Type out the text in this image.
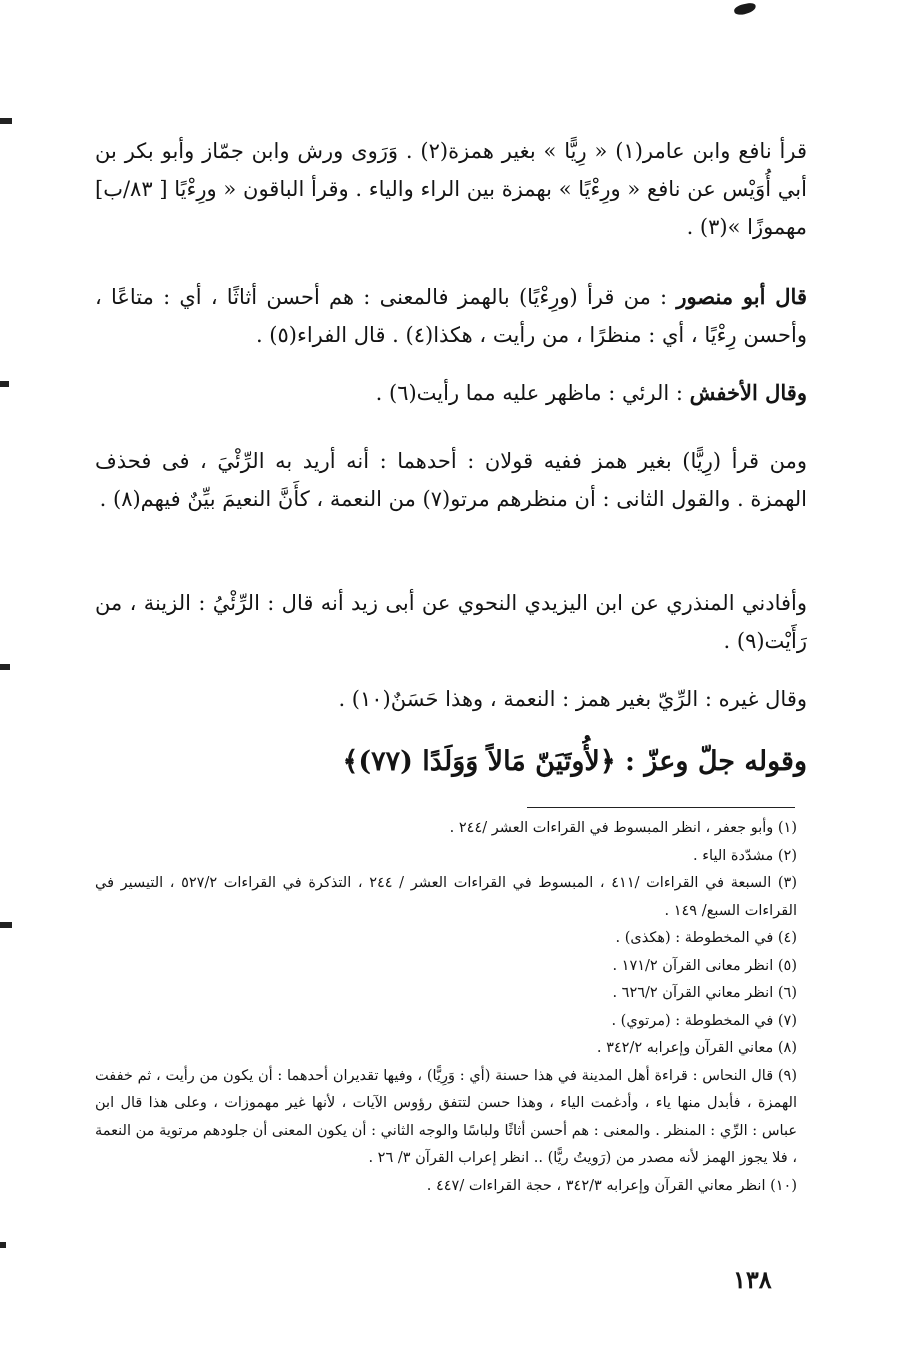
قرأ نافع وابن عامر(١) « رِيًّا » بغير همزة(٢) . وَرَوى ورش وابن جمّاز وأبو بكر بن أبي أُوَيْس عن نافع « ورِءْيًا » بهمزة بين الراء والياء . وقرأ الباقون « ورِءْيًا [ ٨٣/ب] مهموزًا »(٣) .

قال أبو منصور : من قرأ (ورِءْيًا) بالهمز فالمعنى : هم أحسن أثاثًا ، أي : متاعًا ، وأحسن رِءْيًا ، أي : منظرًا ، من رأيت ، هكذا(٤) . قال الفراء(٥) .

وقال الأخفش : الرئي : ماظهر عليه مما رأيت(٦) .

ومن قرأ (رِيًّا) بغير همز ففيه قولان : أحدهما : أنه أريد به الرِّئْيَ ، فى فحذف الهمزة . والقول الثانى : أن منظرهم مرتو(٧) من النعمة ، كأَنَّ النعيمَ بيِّنٌ فيهم(٨) .

وأفادني المنذري عن ابن اليزيدي النحوي عن أبى زيد أنه قال : الرِّئْيُ : الزينة ، من رَأَيْت(٩) .

وقال غيره : الرِّيّ بغير همز : النعمة ، وهذا حَسَنٌ(١٠) .

وقوله جلّ وعزّ : ﴿لأُوتَيَنّ مَالاً وَوَلَدًا (٧٧)﴾

(١) وأبو جعفر ، انظر المبسوط في القراءات العشر /٢٤٤ .

(٢) مشدّدة الياء .

(٣) السبعة في القراءات /٤١١ ، المبسوط في القراءات العشر / ٢٤٤ ، التذكرة في القراءات ٥٢٧/٢ ، التيسير في القراءات السبع/ ١٤٩ .

(٤) في المخطوطة : (هكذى) .

(٥) انظر معانى القرآن ١٧١/٢ .

(٦) انظر معاني القرآن ٦٢٦/٢ .

(٧) في المخطوطة : (مرتوي) .

(٨) معاني القرآن وإعرابه ٣٤٢/٢ .

(٩) قال النحاس : قراءة أهل المدينة في هذا حسنة (أي : وَرِيًّا) ، وفيها تقديران أحدهما : أن يكون من رأيت ، ثم خففت الهمزة ، فأبدل منها ياء ، وأدغمت الياء ، وهذا حسن لتتفق رؤوس الآيات ، لأنها غير مهموزات ، وعلى هذا قال ابن عباس : الرِّي : المنظر . والمعنى : هم أحسن أثاثًا ولباسًا والوجه الثاني : أن يكون المعنى أن جلودهم مرتوية من النعمة ، فلا يجوز الهمز لأنه مصدر من (رَويتُ ريًّا) .. انظر إعراب القرآن ٣/ ٢٦ .

(١٠) انظر معاني القرآن وإعرابه ٣٤٢/٣ ، حجة القراءات /٤٤٧ .

١٣٨
